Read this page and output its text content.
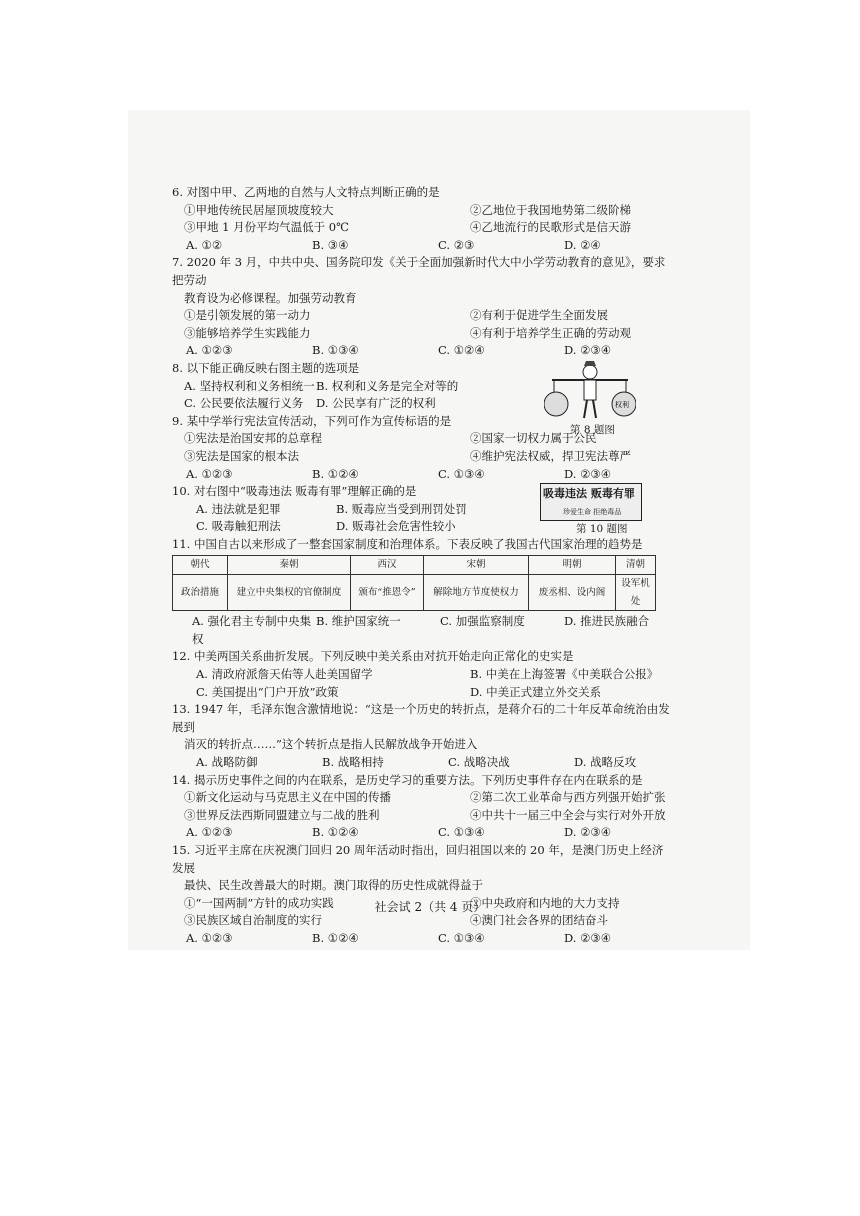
6. 对图中甲、乙两地的自然与人文特点判断正确的是
①甲地传统民居屋顶坡度较大	②乙地位于我国地势第二级阶梯
③甲地 1 月份平均气温低于 0℃	④乙地流行的民歌形式是信天游
A. ①②	B. ③④	C. ②③	D. ②④
7. 2020 年 3 月，中共中央、国务院印发《关于全面加强新时代大中小学劳动教育的意见》，要求把劳动
教育设为必修课程。加强劳动教育
①是引领发展的第一动力	②有利于促进学生全面发展
③能够培养学生实践能力	④有利于培养学生正确的劳动观
A. ①②③	B. ①③④	C. ①②④	D. ②③④
8. 以下能正确反映右图主题的选项是
A. 坚持权利和义务相统一 B. 权利和义务是完全对等的
C. 公民要依法履行义务	D. 公民享有广泛的权利	权利
第 8 题图
9. 某中学举行宪法宣传活动，下列可作为宣传标语的是
①宪法是治国安邦的总章程	②国家一切权力属于公民
③宪法是国家的根本法	④维护宪法权威，捍卫宪法尊严
A. ①②③	B. ①②④	C. ①③④	D. ②③④
10. 对右图中“吸毒违法 贩毒有罪”理解正确的是
A. 违法就是犯罪	B. 贩毒应当受到刑罚处罚
C. 吸毒触犯刑法	D. 贩毒社会危害性较小
吸毒违法 贩毒有罪
珍爱生命 拒绝毒品
第 10 题图
11. 中国自古以来形成了一整套国家制度和治理体系。下表反映了我国古代国家治理的趋势是
朝代	秦朝	西汉	宋朝	明朝	清朝
政治措施	建立中央集权的官僚制度	颁布“推恩令”	解除地方节度使权力	废丞相、设内阁	设军机处
A. 强化君主专制中央集权
B. 维护国家统一	C. 加强监察制度	D. 推进民族融合
12. 中美两国关系曲折发展。下列反映中美关系由对抗开始走向正常化的史实是
A. 清政府派詹天佑等人赴美国留学	B. 中美在上海签署《中美联合公报》
C. 美国提出“门户开放”政策	D. 中美正式建立外交关系
13. 1947 年，毛泽东饱含激情地说：“这是一个历史的转折点，是蒋介石的二十年反革命统治由发展到
消灭的转折点……”这个转折点是指人民解放战争开始进入
A. 战略防御	B. 战略相持	C. 战略决战	D. 战略反攻
14. 揭示历史事件之间的内在联系，是历史学习的重要方法。下列历史事件存在内在联系的是
①新文化运动与马克思主义在中国的传播	②第二次工业革命与西方列强开始扩张
③世界反法西斯同盟建立与二战的胜利	④中共十一届三中全会与实行对外开放
A. ①②③	B. ①②④	C. ①③④	D. ②③④
15. 习近平主席在庆祝澳门回归 20 周年活动时指出，回归祖国以来的 20 年，是澳门历史上经济发展
最快、民生改善最大的时期。澳门取得的历史性成就得益于
①“一国两制”方针的成功实践	②中央政府和内地的大力支持
③民族区域自治制度的实行	④澳门社会各界的团结奋斗
A. ①②③	B. ①②④	C. ①③④	D. ②③④
社会试 2（共 4 页）
